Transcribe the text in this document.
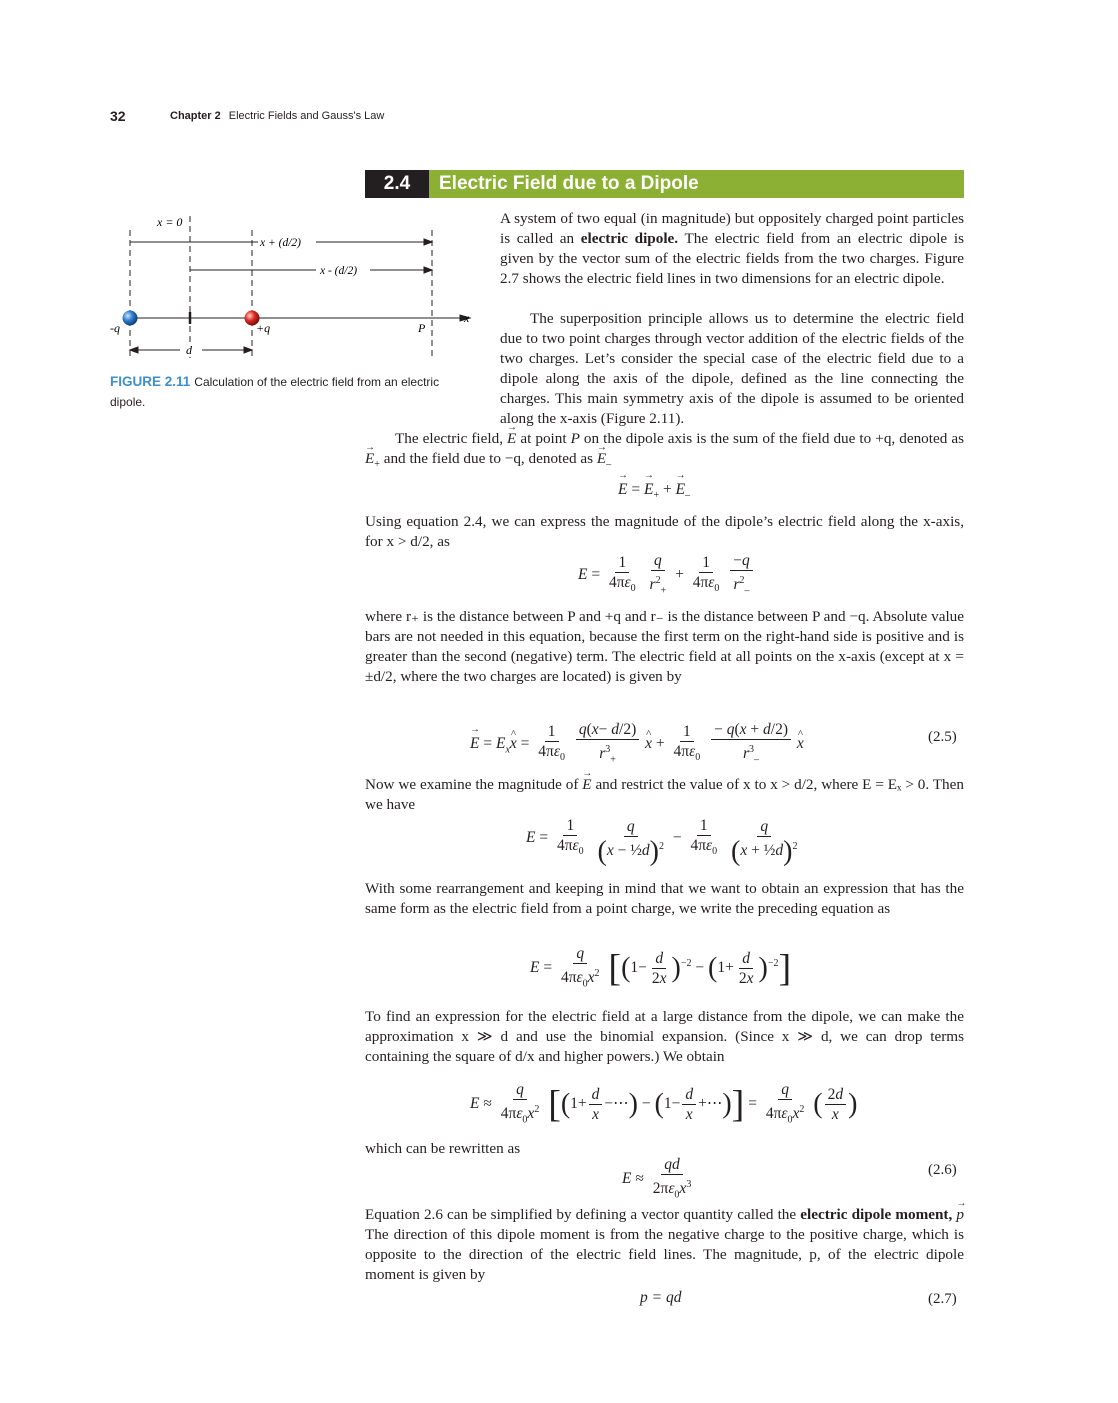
32	Chapter 2 Electric Fields and Gauss's Law
2.4	Electric Field due to a Dipole
x = 0
x + (d/2)
x - (d/2)
-q	+q	P
x
d
FIGURE 2.11 Calculation of the electric field from an electric dipole.
A system of two equal (in magnitude) but oppositely charged point particles is called an electric dipole. The electric field from an electric dipole is given by the vector sum of the electric fields from the two charges. Figure 2.7 shows the electric field lines in two dimensions for an electric dipole.
The superposition principle allows us to determine the electric field due to two point charges through vector addition of the electric fields of the two charges. Let’s consider the special case of the electric field due to a dipole along the axis of the dipole, defined as the line connecting the charges. This main symmetry axis of the dipole is assumed to be oriented along the x-axis (Figure 2.11).
The electric field, → E at point P on the dipole axis is the sum of the field due to +q, denoted as → $E_+$ and the field due to −q, denoted as → $E_-$
→ E = → $E_+$ + → $E_-$
Using equation 2.4, we can express the magnitude of the dipole’s electric field along the x-axis, for x > d/2, as
$E = \frac{1}{4\pi\varepsilon_0}$
$\frac{q}{r^2_+} + \frac{1}{4\pi\varepsilon_0}$
$\frac{-q}{r^2_-}$
where r₊ is the distance between P and +q and r₋ is the distance between P and −q. Absolute value bars are not needed in this equation, because the first term on the right-hand side is positive and is greater than the second (negative) term. The electric field at all points on the x-axis (except at x = ±d/2, where the two charges are located) is given by
→ $E = E_x\^{}$ $x = \frac{1}{4\pi\varepsilon_0}$
$\frac{q(x- d/2)}{r^3_+}$ ^ $x + \frac{1}{4\pi\varepsilon_0}$
$\frac{- q(x + d/2)}{r^3_-}$ ^ x	(2.5)
Now we examine the magnitude of → E and restrict the value of x to x > d/2, where E = Eₓ > 0. Then we have
$E = \frac{1}{4\pi\varepsilon_0}$
$\frac{q}{(x - \frac{1}{2}d)^2} - \frac{1}{4\pi\varepsilon_0}$
$\frac{q}{(x + \frac{1}{2}d)^2}$
With some rearrangement and keeping in mind that we want to obtain an expression that has the same form as the electric field from a point charge, we write the preceding equation as
$E = \frac{q}{4\pi\varepsilon_0x^2} [(1- \frac{d}{2x} )^{-2} - (1+ \frac{d}{2x} )^{-2}]$
To find an expression for the electric field at a large distance from the dipole, we can make the approximation x ≫ d and use the binomial expansion. (Since x ≫ d, we can drop terms containing the square of d/x and higher powers.) We obtain
$E \approx \frac{q}{4\pi\varepsilon_0x^2} [(1+ \frac{d}{x}$ −⋯) − ($1- \frac{d}{x}$ +⋯)] = $\frac{q}{4\pi\varepsilon_0x^2}$ ( $\frac{2d}{x}$ )
which can be rewritten as
$E \approx \frac{qd}{2\pi\varepsilon_0x^3}$	(2.6)
Equation 2.6 can be simplified by defining a vector quantity called the electric dipole moment, → p The direction of this dipole moment is from the negative charge to the positive charge, which is opposite to the direction of the electric field lines. The magnitude, p, of the electric dipole moment is given by
p = qd	(2.7)
